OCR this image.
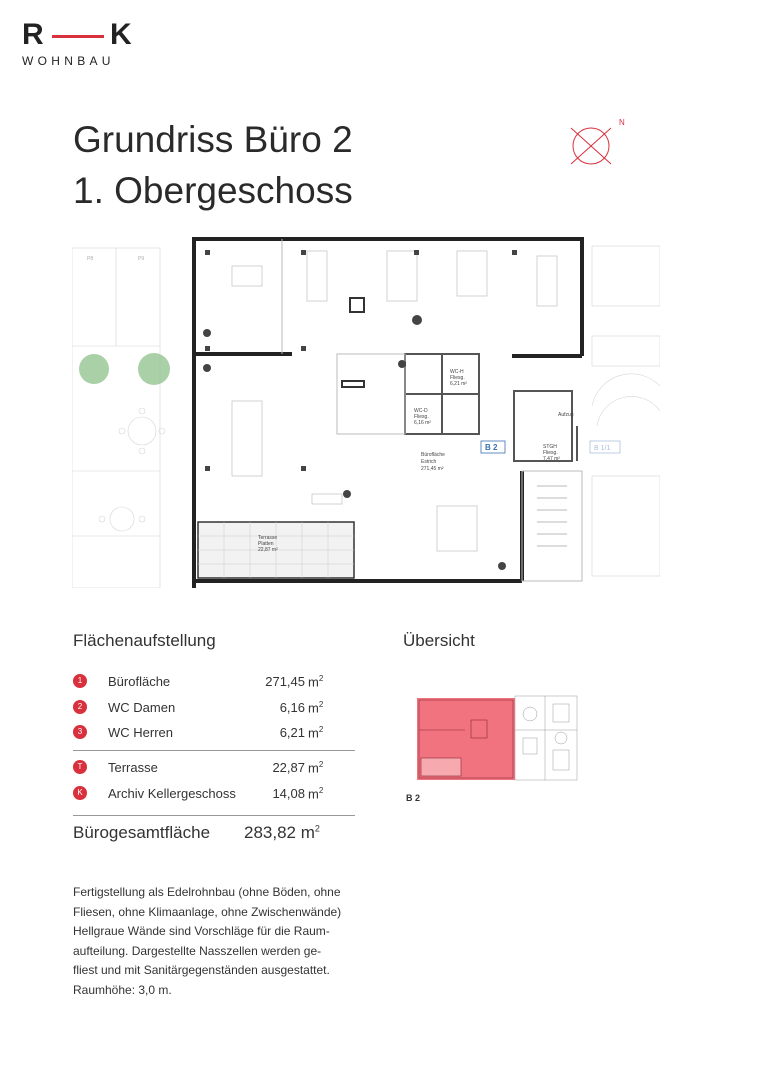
R K
WOHNBAU
Grundriss Büro 2
1. Obergeschoss
N
P8	P9
Bürofläche
Estrich
271,45 m²
WC-H
Fliesg.
6,21 m²
WC-D
Fliesg.
6,16 m²
Terrasse
Platten
22,87 m²
Aufzug
STGH
Fliesg.
7,47 m²
B 2	B 1/1
Flächenaufstellung
1	Bürofläche	271,45 $m^2$
2	WC Damen	6,16 $m^2$
3	WC Herren	6,21 $m^2$
T	Terrasse	22,87 $m^2$
K	Archiv Kellergeschoss	14,08 $m^2$
Bürogesamtfläche 283,82 $m^2$
Fertigstellung als Edelrohnbau (ohne Böden, ohne
Fliesen, ohne Klimaanlage, ohne Zwischenwände)
Hellgraue Wände sind Vorschläge für die Raum-
aufteilung. Dargestellte Nasszellen werden ge-
fliest und mit Sanitärgegenständen ausgestattet.
Raumhöhe: 3,0 m.
Übersicht
B 2
